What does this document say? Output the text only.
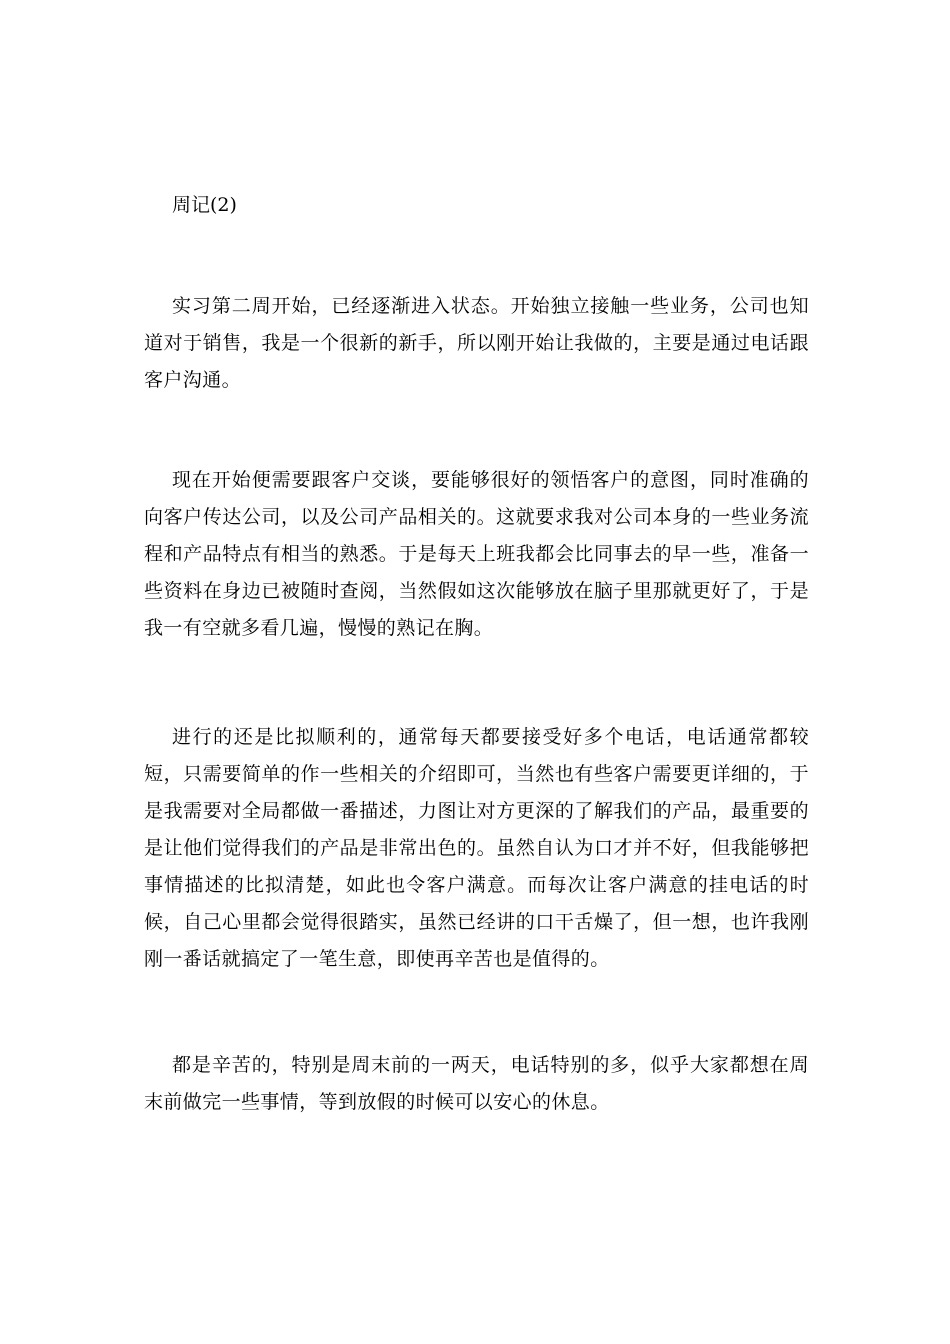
周记(2)

实习第二周开始，已经逐渐进入状态。开始独立接触一些业务，公司也知道对于销售，我是一个很新的新手，所以刚开始让我做的，主要是通过电话跟客户沟通。

现在开始便需要跟客户交谈，要能够很好的领悟客户的意图，同时准确的向客户传达公司，以及公司产品相关的。这就要求我对公司本身的一些业务流程和产品特点有相当的熟悉。于是每天上班我都会比同事去的早一些，准备一些资料在身边已被随时查阅，当然假如这次能够放在脑子里那就更好了，于是我一有空就多看几遍，慢慢的熟记在胸。

进行的还是比拟顺利的，通常每天都要接受好多个电话，电话通常都较短，只需要简单的作一些相关的介绍即可，当然也有些客户需要更详细的，于是我需要对全局都做一番描述，力图让对方更深的了解我们的产品，最重要的是让他们觉得我们的产品是非常出色的。虽然自认为口才并不好，但我能够把事情描述的比拟清楚，如此也令客户满意。而每次让客户满意的挂电话的时候，自己心里都会觉得很踏实，虽然已经讲的口干舌燥了，但一想，也许我刚刚一番话就搞定了一笔生意，即使再辛苦也是值得的。

都是辛苦的，特别是周末前的一两天，电话特别的多，似乎大家都想在周末前做完一些事情，等到放假的时候可以安心的休息。
